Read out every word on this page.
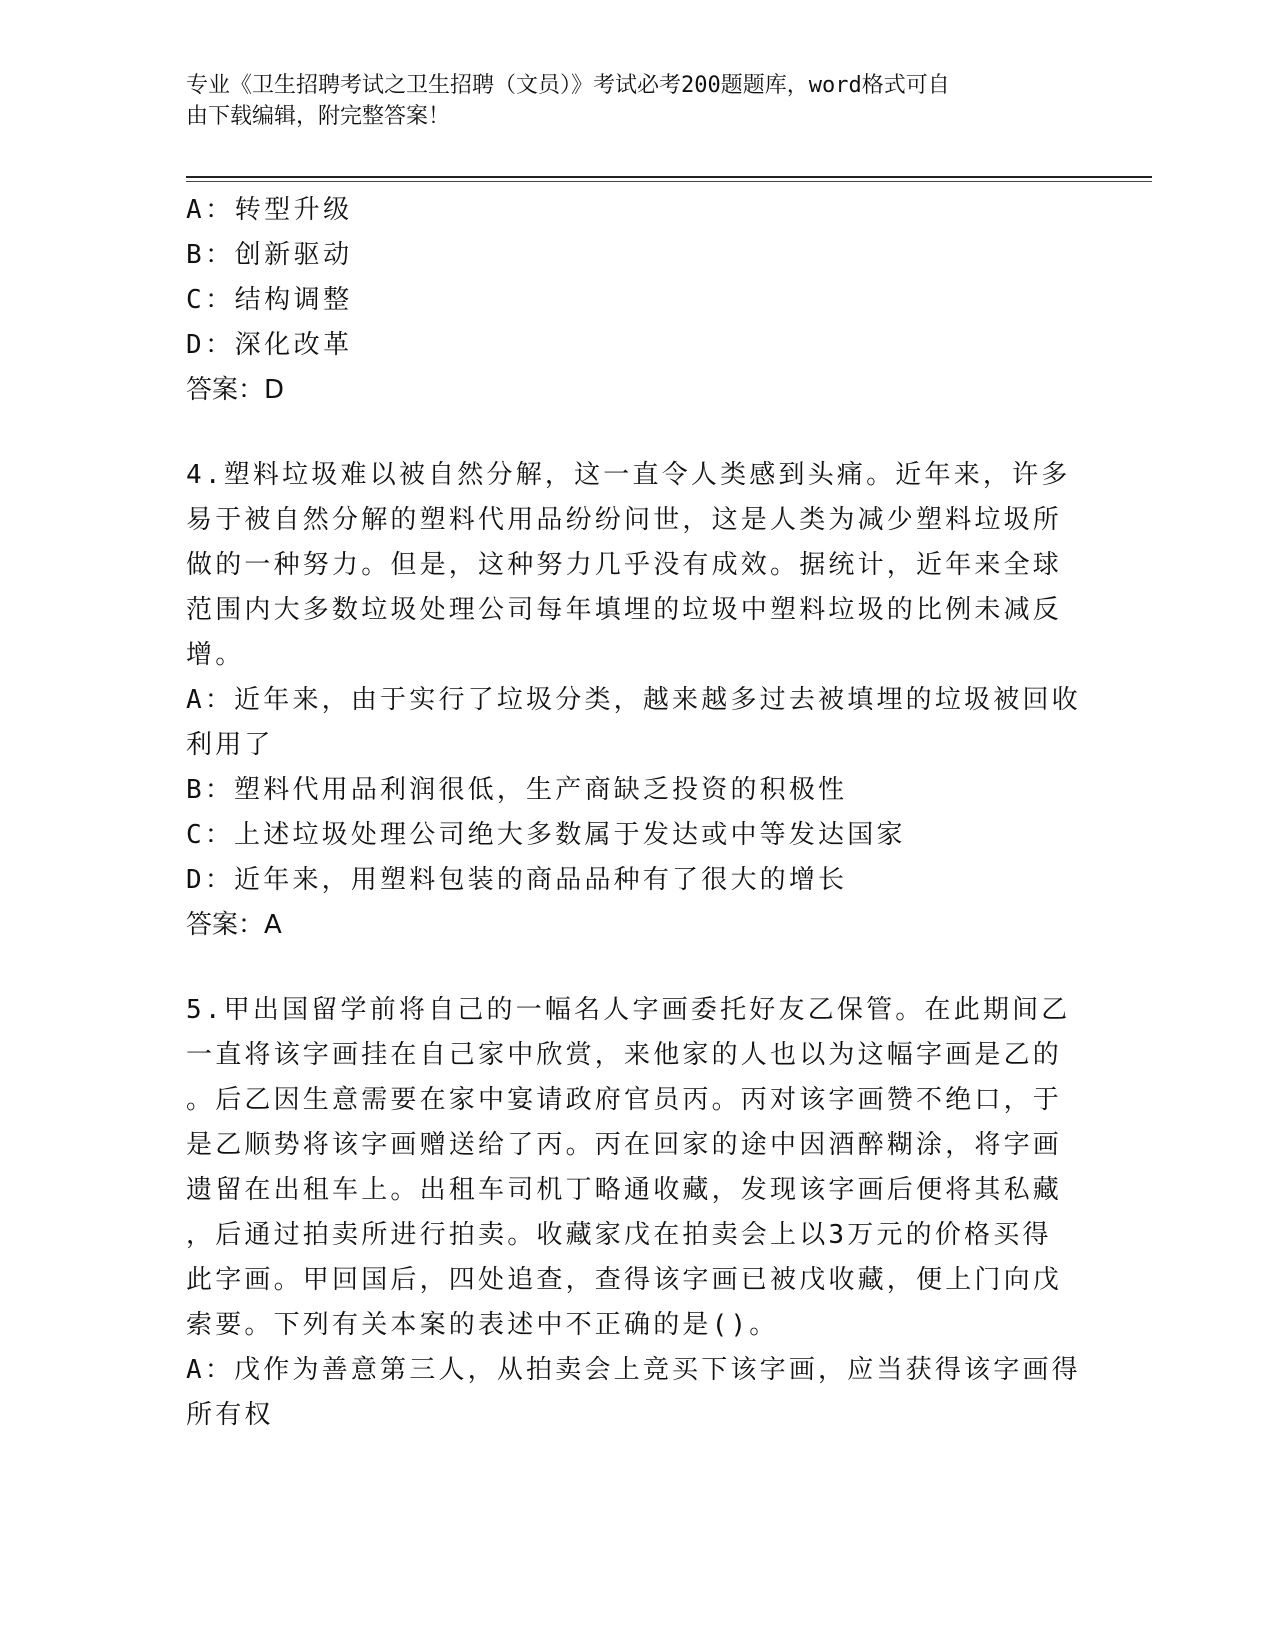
专业《卫生招聘考试之卫生招聘（文员）》考试必考200题题库，word格式可自
由下载编辑，附完整答案！
A：转型升级
B：创新驱动
C：结构调整
D：深化改革
答案：D
4.塑料垃圾难以被自然分解，这一直令人类感到头痛。近年来，许多
易于被自然分解的塑料代用品纷纷问世，这是人类为减少塑料垃圾所
做的一种努力。但是，这种努力几乎没有成效。据统计，近年来全球
范围内大多数垃圾处理公司每年填埋的垃圾中塑料垃圾的比例未减反
增。
A：近年来，由于实行了垃圾分类，越来越多过去被填埋的垃圾被回收
利用了
B：塑料代用品利润很低，生产商缺乏投资的积极性
C：上述垃圾处理公司绝大多数属于发达或中等发达国家
D：近年来，用塑料包装的商品品种有了很大的增长
答案：A
5.甲出国留学前将自己的一幅名人字画委托好友乙保管。在此期间乙
一直将该字画挂在自己家中欣赏，来他家的人也以为这幅字画是乙的
。后乙因生意需要在家中宴请政府官员丙。丙对该字画赞不绝口，于
是乙顺势将该字画赠送给了丙。丙在回家的途中因酒醉糊涂，将字画
遗留在出租车上。出租车司机丁略通收藏，发现该字画后便将其私藏
，后通过拍卖所进行拍卖。收藏家戊在拍卖会上以3万元的价格买得
此字画。甲回国后，四处追查，查得该字画已被戊收藏，便上门向戊
索要。下列有关本案的表述中不正确的是()。
A：戊作为善意第三人，从拍卖会上竞买下该字画，应当获得该字画得
所有权
